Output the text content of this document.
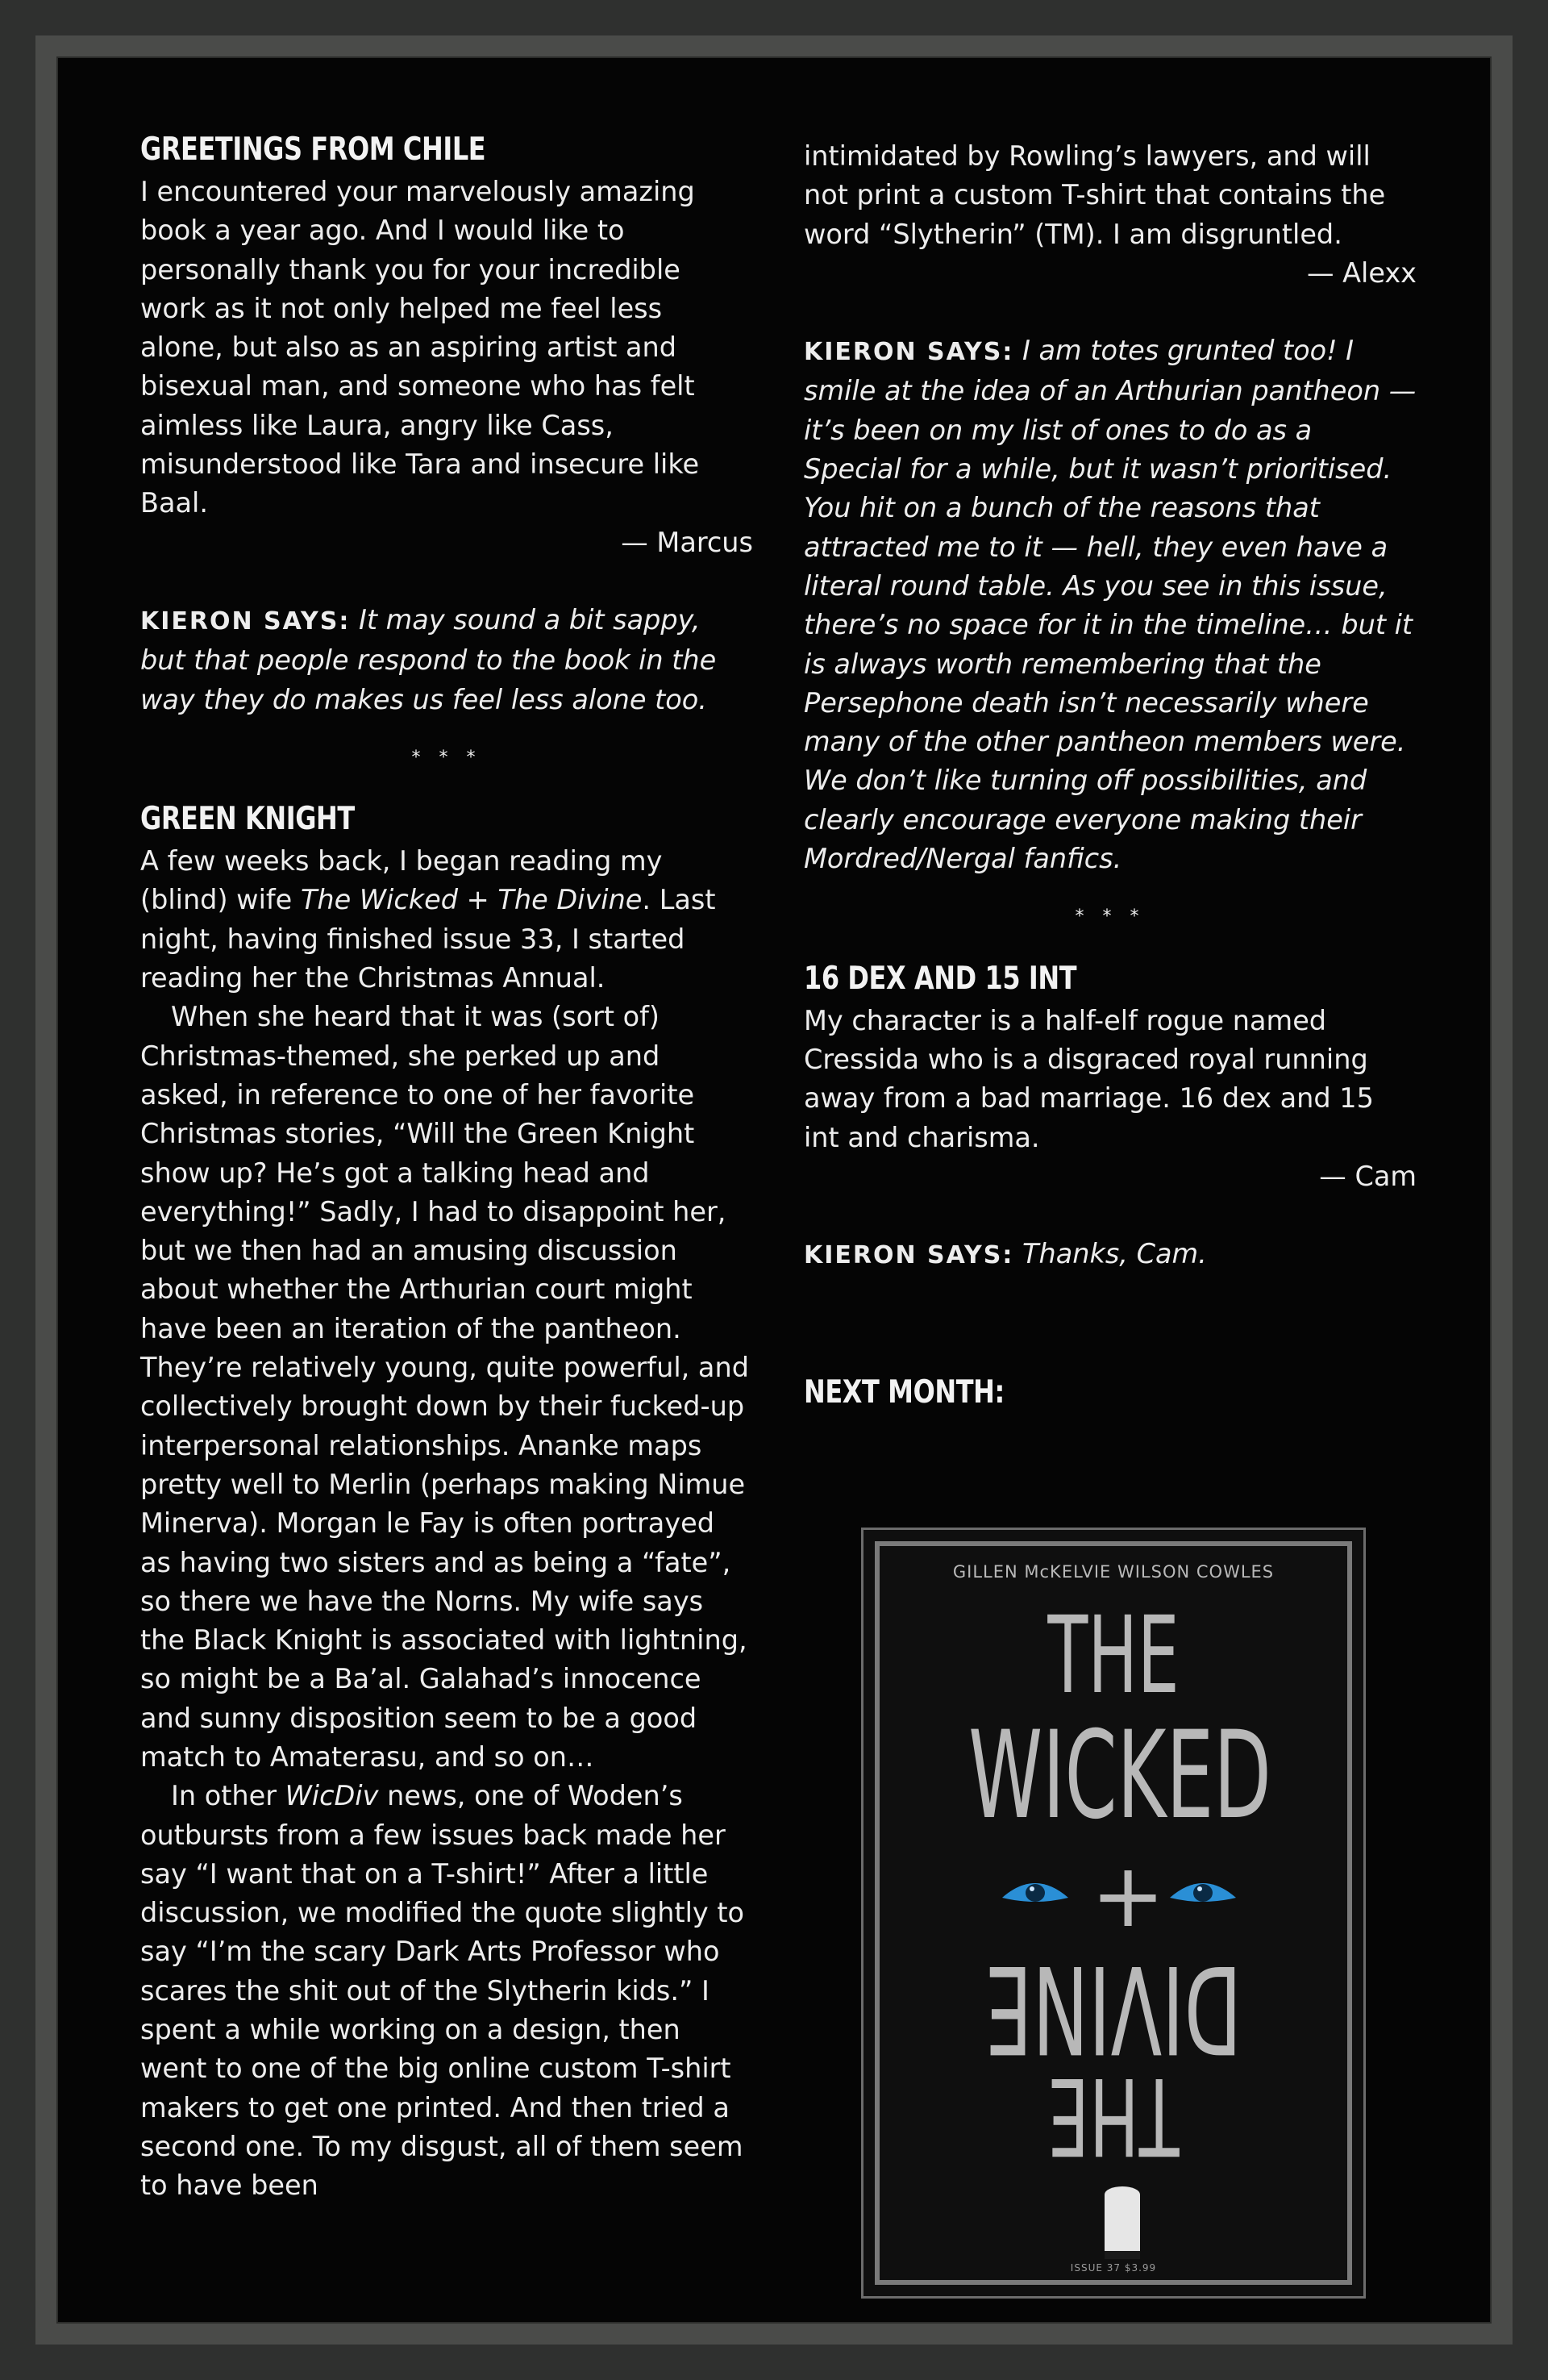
GREETINGS FROM CHILE

I encountered your marvelously amazing book a year ago. And I would like to personally thank you for your incredible work as it not only helped me feel less alone, but also as an aspiring artist and bisexual man, and someone who has felt aimless like Laura, angry like Cass, misunderstood like Tara and insecure like Baal.

— Marcus

KIERON SAYS: It may sound a bit sappy, but that people respond to the book in the way they do makes us feel less alone too.

* * *

GREEN KNIGHT

A few weeks back, I began reading my (blind) wife The Wicked + The Divine. Last night, having finished issue 33, I started reading her the Christmas Annual.

When she heard that it was (sort of) Christmas-themed, she perked up and asked, in reference to one of her favorite Christmas stories, “Will the Green Knight show up? He’s got a talking head and everything!” Sadly, I had to disappoint her, but we then had an amusing discussion about whether the Arthurian court might have been an iteration of the pantheon. They’re relatively young, quite powerful, and collectively brought down by their fucked-up interpersonal relationships. Ananke maps pretty well to Merlin (perhaps making Nimue Minerva). Morgan le Fay is often portrayed as having two sisters and as being a “fate”, so there we have the Norns. My wife says the Black Knight is associated with lightning, so might be a Ba’al. Galahad’s innocence and sunny disposition seem to be a good match to Amaterasu, and so on…

In other WicDiv news, one of Woden’s outbursts from a few issues back made her say “I want that on a T-shirt!” After a little discussion, we modified the quote slightly to say “I’m the scary Dark Arts Professor who scares the shit out of the Slytherin kids.” I spent a while working on a design, then went to one of the big online custom T-shirt makers to get one printed. And then tried a second one. To my disgust, all of them seem to have been

intimidated by Rowling’s lawyers, and will not print a custom T-shirt that contains the word “Slytherin” (TM). I am disgruntled.

— Alexx

KIERON SAYS: I am totes grunted too! I smile at the idea of an Arthurian pantheon — it’s been on my list of ones to do as a Special for a while, but it wasn’t prioritised. You hit on a bunch of the reasons that attracted me to it — hell, they even have a literal round table. As you see in this issue, there’s no space for it in the timeline… but it is always worth remembering that the Persephone death isn’t necessarily where many of the other pantheon members were. We don’t like turning off possibilities, and clearly encourage everyone making their Mordred/Nergal fanfics.

* * *

16 DEX AND 15 INT

My character is a half-elf rogue named Cressida who is a disgraced royal running away from a bad marriage. 16 dex and 15 int and charisma.

— Cam

KIERON SAYS: Thanks, Cam.

NEXT MONTH:
GILLEN McKELVIE WILSON COWLES
THE
WICKED
+
DIVINE
THE
ISSUE 37 $3.99
